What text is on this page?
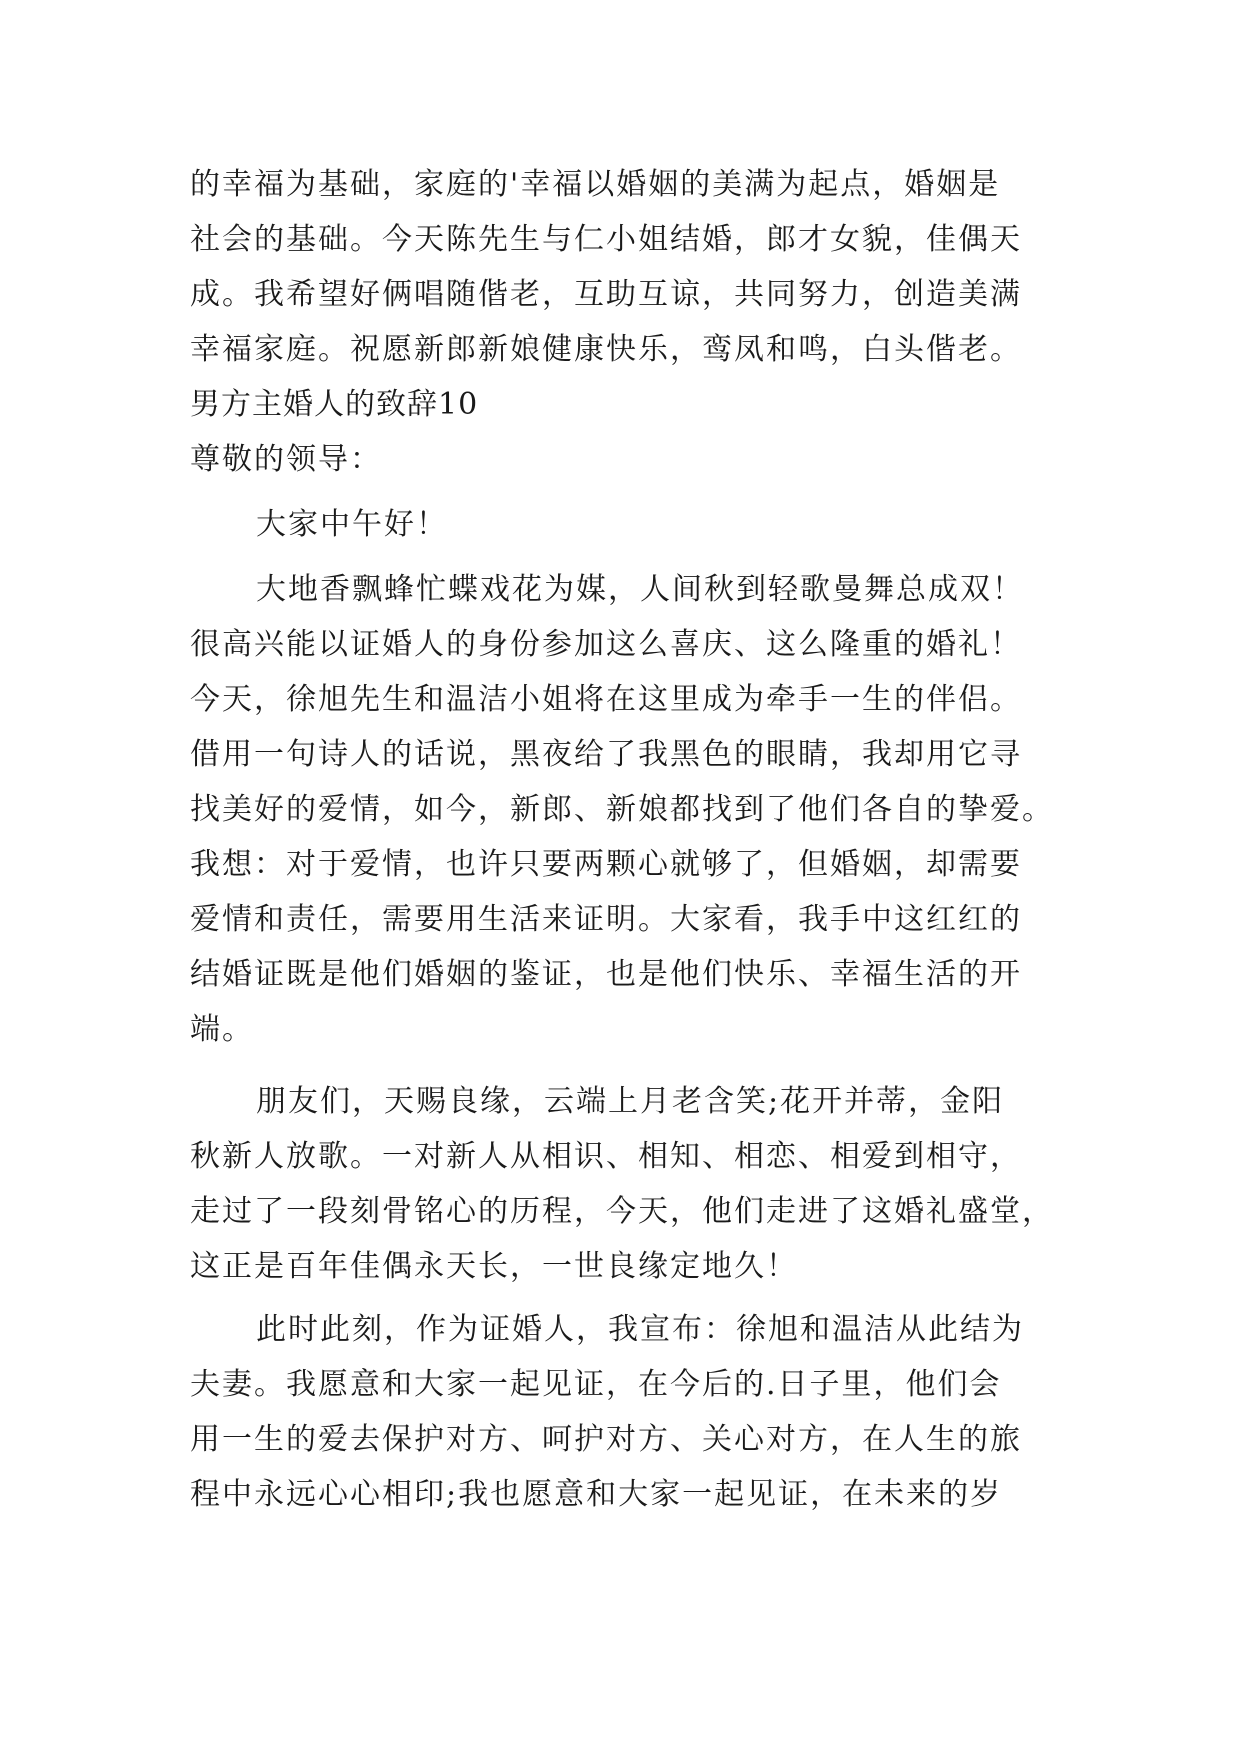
的幸福为基础，家庭的'幸福以婚姻的美满为起点，婚姻是
社会的基础。今天陈先生与仁小姐结婚，郎才女貌，佳偶天
成。我希望好俩唱随偕老，互助互谅，共同努力，创造美满
幸福家庭。祝愿新郎新娘健康快乐，鸾凤和鸣，白头偕老。
男方主婚人的致辞10
尊敬的领导：
大家中午好！
大地香飘蜂忙蝶戏花为媒，人间秋到轻歌曼舞总成双！
很高兴能以证婚人的身份参加这么喜庆、这么隆重的婚礼！
今天，徐旭先生和温洁小姐将在这里成为牵手一生的伴侣。
借用一句诗人的话说，黑夜给了我黑色的眼睛，我却用它寻
找美好的爱情，如今，新郎、新娘都找到了他们各自的挚爱。
我想：对于爱情，也许只要两颗心就够了，但婚姻，却需要
爱情和责任，需要用生活来证明。大家看，我手中这红红的
结婚证既是他们婚姻的鉴证，也是他们快乐、幸福生活的开
端。
朋友们，天赐良缘，云端上月老含笑;花开并蒂，金阳
秋新人放歌。一对新人从相识、相知、相恋、相爱到相守，
走过了一段刻骨铭心的历程，今天，他们走进了这婚礼盛堂，
这正是百年佳偶永天长，一世良缘定地久！
此时此刻，作为证婚人，我宣布：徐旭和温洁从此结为
夫妻。我愿意和大家一起见证，在今后的.日子里，他们会
用一生的爱去保护对方、呵护对方、关心对方，在人生的旅
程中永远心心相印;我也愿意和大家一起见证，在未来的岁
